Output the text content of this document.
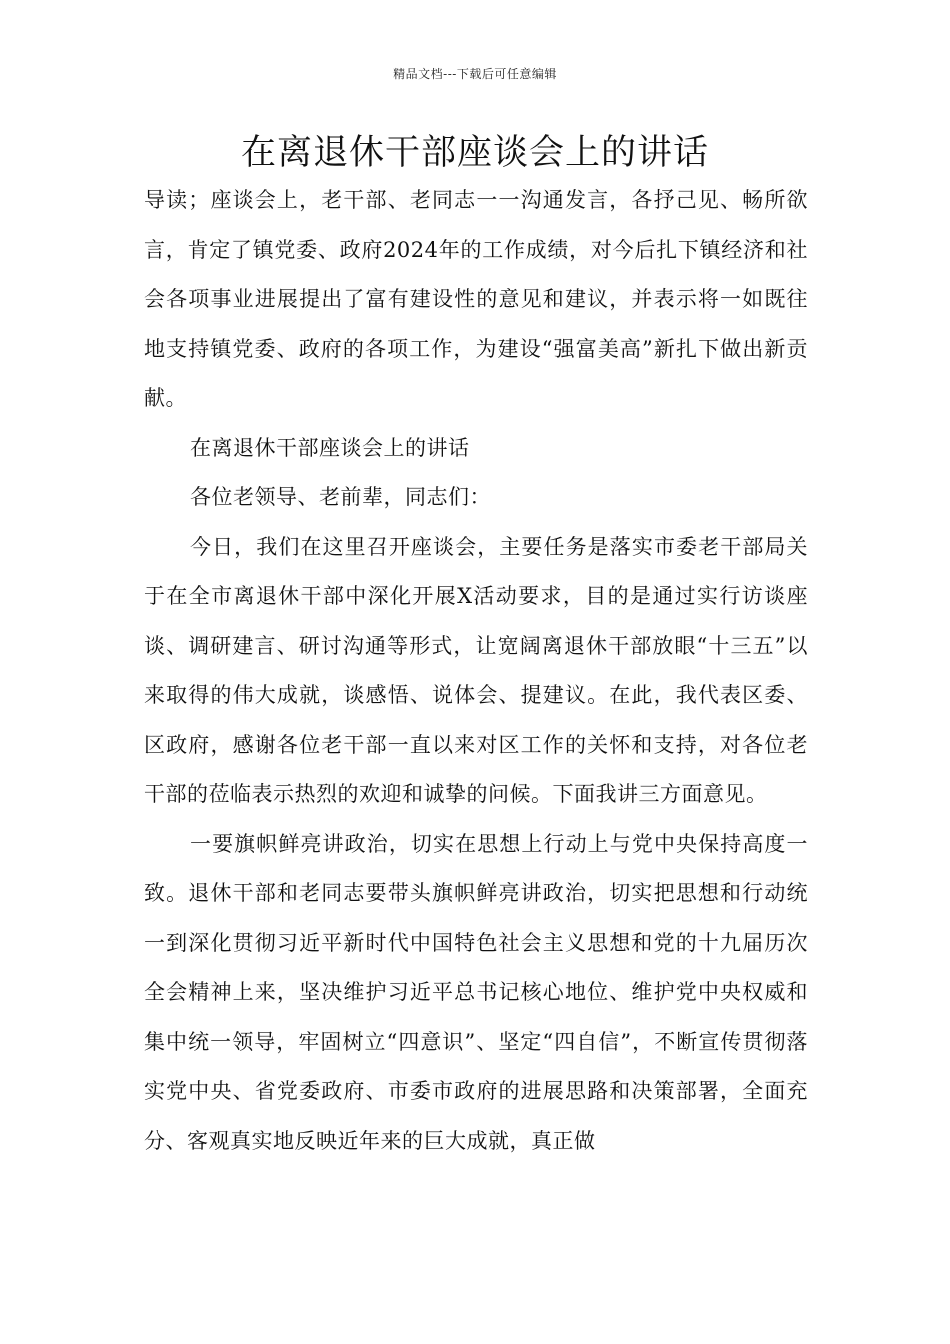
精品文档---下载后可任意编辑
在离退休干部座谈会上的讲话

导读；座谈会上，老干部、老同志一一沟通发言，各抒己见、畅所欲言，肯定了镇党委、政府2024年的工作成绩，对今后扎下镇经济和社会各项事业进展提出了富有建设性的意见和建议，并表示将一如既往地支持镇党委、政府的各项工作，为建设“强富美高”新扎下做出新贡献。

在离退休干部座谈会上的讲话

各位老领导、老前辈，同志们：

今日，我们在这里召开座谈会，主要任务是落实市委老干部局关于在全市离退休干部中深化开展X活动要求，目的是通过实行访谈座谈、调研建言、研讨沟通等形式，让宽阔离退休干部放眼“十三五”以来取得的伟大成就，谈感悟、说体会、提建议。在此，我代表区委、区政府，感谢各位老干部一直以来对区工作的关怀和支持，对各位老干部的莅临表示热烈的欢迎和诚挚的问候。下面我讲三方面意见。

一要旗帜鲜亮讲政治，切实在思想上行动上与党中央保持高度一致。退休干部和老同志要带头旗帜鲜亮讲政治，切实把思想和行动统一到深化贯彻习近平新时代中国特色社会主义思想和党的十九届历次全会精神上来，坚决维护习近平总书记核心地位、维护党中央权威和集中统一领导，牢固树立“四意识”、坚定“四自信”，不断宣传贯彻落实党中央、省党委政府、市委市政府的进展思路和决策部署，全面充分、客观真实地反映近年来的巨大成就，真正做
